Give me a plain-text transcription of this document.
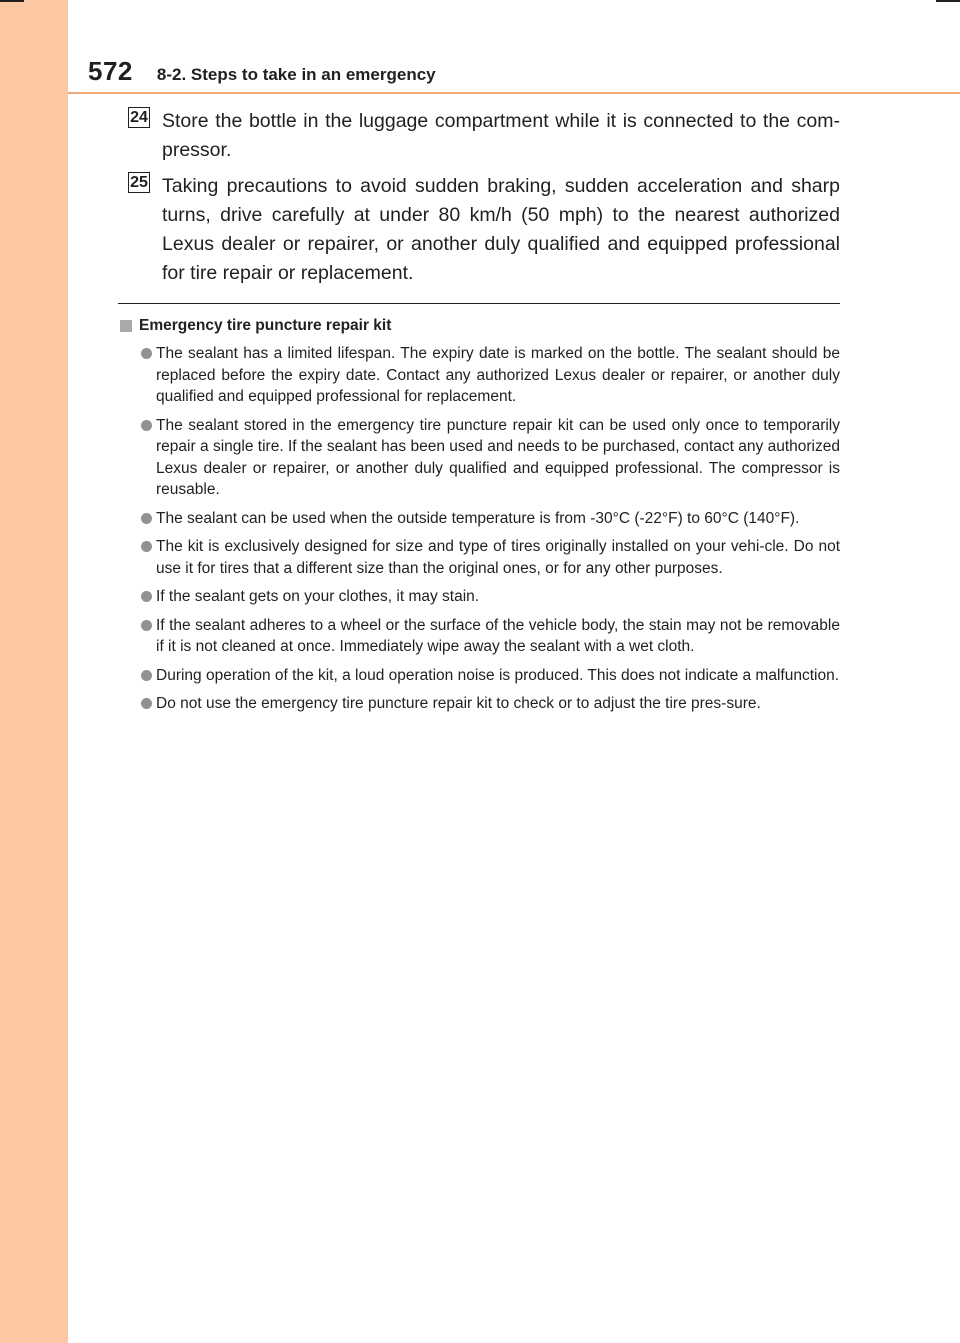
572 8-2. Steps to take in an emergency
24 Store the bottle in the luggage compartment while it is connected to the com-pressor.
25 Taking precautions to avoid sudden braking, sudden acceleration and sharp turns, drive carefully at under 80 km/h (50 mph) to the nearest authorized Lexus dealer or repairer, or another duly qualified and equipped professional for tire repair or replacement.
Emergency tire puncture repair kit
The sealant has a limited lifespan. The expiry date is marked on the bottle. The sealant should be replaced before the expiry date. Contact any authorized Lexus dealer or repairer, or another duly qualified and equipped professional for replacement.
The sealant stored in the emergency tire puncture repair kit can be used only once to temporarily repair a single tire. If the sealant has been used and needs to be purchased, contact any authorized Lexus dealer or repairer, or another duly qualified and equipped professional. The compressor is reusable.
The sealant can be used when the outside temperature is from -30°C (-22°F) to 60°C (140°F).
The kit is exclusively designed for size and type of tires originally installed on your vehi-cle. Do not use it for tires that a different size than the original ones, or for any other purposes.
If the sealant gets on your clothes, it may stain.
If the sealant adheres to a wheel or the surface of the vehicle body, the stain may not be removable if it is not cleaned at once. Immediately wipe away the sealant with a wet cloth.
During operation of the kit, a loud operation noise is produced. This does not indicate a malfunction.
Do not use the emergency tire puncture repair kit to check or to adjust the tire pres-sure.
